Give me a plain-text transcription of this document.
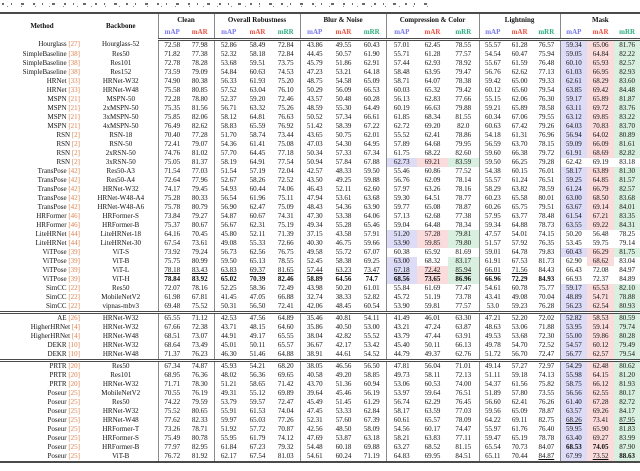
Method	Backbone	Clean		Overall Robustness			Blur & Noise			Compression & Color			Lightning			Mask		
		mAP	mAR	mAP	mAR	mRR	mAP	mAR	mRR	mAP	mAR	mRR	mAP	mAR	mRR	mAP	mAR	mRR
Hourglass [27]	Hourglass-52	72.58	77.98	52.86	58.49	72.84	43.86	49.55	60.43	57.01	62.45	78.55	55.57	61.28	76.57	59.34	65.06	81.76
SimpleBaseline [38]	Res50	71.82	77.38	52.32	58.18	72.84	44.45	50.57	61.90	55.71	61.28	77.57	54.54	60.47	75.94	59.05	64.84	82.22
SimpleBaseline [38]	Res101	72.78	78.28	53.68	59.51	73.75	45.79	51.86	62.91	57.44	62.93	78.92	55.67	61.59	76.48	60.10	65.93	82.57
SimpleBaseline [38]	Res152	73.59	79.09	54.84	60.63	74.53	47.23	53.21	64.18	58.48	63.95	79.47	56.76	62.62	77.13	61.03	66.95	82.93
HRNet [33]	HRNet-W32	74.90	80.38	56.33	61.93	75.20	48.75	54.58	65.09	58.71	64.07	78.38	59.42	65.00	79.33	62.61	68.29	83.60
HRNet [33]	HRNet-W48	75.58	80.85	57.52	63.04	76.10	50.29	56.09	66.53	60.03	65.32	79.42	60.12	65.60	79.54	63.85	69.42	84.48
MSPN [21]	MSPN-50	72.28	78.80	52.37	59.20	72.46	43.57	50.48	60.28	56.13	62.83	77.66	55.15	62.06	76.30	59.17	65.89	81.87
MSPN [21]	2xMSPN-50	75.35	81.56	56.71	63.32	75.26	48.59	55.30	64.49	60.19	66.63	79.88	59.21	65.89	78.58	63.11	69.72	83.76
MSPN [21]	3xMSPN-50	75.85	82.06	58.12	64.81	76.63	50.52	57.34	66.61	61.85	68.34	81.55	60.34	67.06	79.55	63.12	69.85	83.22
MSPN [21]	4xMSPN-50	76.49	82.62	58.83	65.59	76.92	51.42	58.39	67.22	62.72	69.20	82.0	60.63	67.42	79.26	64.03	70.83	83.70
RSN [2]	RSN-18	70.40	77.28	51.70	58.74	73.44	43.65	50.75	62.01	55.52	62.41	78.86	54.18	61.31	76.96	56.94	64.02	80.89
RSN [2]	RSN-50	72.41	79.07	54.36	61.41	75.08	47.03	54.30	64.95	57.89	64.68	79.95	56.59	63.70	78.15	59.09	66.09	81.61
RSN [2]	2xRSN-50	74.76	81.02	57.70	64.45	77.18	50.34	57.33	67.34	61.75	68.22	82.60	59.60	66.38	79.72	61.91	68.69	82.82
RSN [2]	3xRSN-50	75.05	81.37	58.19	64.91	77.54	50.94	57.84	67.88	62.73	69.21	83.59	59.50	66.25	79.28	62.42	69.19	83.18
TransPose [42]	Res50-A3	71.54	77.03	51.54	57.19	72.04	42.57	48.33	59.50	55.46	60.86	77.52	54.38	60.15	76.01	58.17	63.89	81.30
TransPose [42]	Res50-A4	72.64	77.96	52.67	58.26	72.52	43.50	49.25	59.88	56.76	62.09	78.14	55.57	61.24	76.51	59.25	64.85	81.57
TransPose [42]	HRNet-W32	74.17	79.45	54.93	60.44	74.06	46.43	52.11	62.60	57.97	63.26	78.16	58.29	63.82	78.59	61.24	66.79	82.57
TransPose [42]	HRNet-W48-A4	75.28	80.33	56.54	61.96	75.11	47.94	53.61	63.68	59.30	64.51	78.77	60.23	65.58	80.01	63.00	68.50	83.68
TransPose [42]	HRNet-W48-A6	75.78	80.79	56.90	62.47	75.09	48.43	54.36	63.90	59.77	65.08	78.87	60.26	65.75	79.51	63.67	69.14	84.01
HRFormer [46]	HRFormer-S	73.84	79.27	54.87	60.67	74.31	47.30	53.38	64.06	57.13	62.68	77.38	57.95	63.77	78.48	61.54	67.21	83.35
HRFormer [46]	HRFormer-B	75.37	80.67	56.67	62.31	75.19	49.34	55.28	65.46	59.04	64.48	78.34	59.34	64.88	78.73	63.55	69.22	84.31
LiteHRNet [44]	LiteHRNet-18	64.16	70.45	45.80	52.11	71.39	37.15	43.58	57.91	51.20	57.28	79.81	47.57	54.01	74.15	50.20	56.48	78.25
LiteHRNet [44]	LiteHRNet-30	67.54	73.61	49.08	55.33	72.66	40.30	46.75	59.66	53.90	59.85	79.80	51.57	57.92	76.35	53.45	59.75	79.14
ViTPose [39]	ViT-S	73.92	79.24	56.73	62.56	76.75	49.58	55.72	67.07	60.38	65.92	81.69	59.01	64.78	79.83	60.43	66.29	81.75
ViTPose [39]	ViT-B	75.75	80.99	59.50	65.13	78.55	52.45	58.38	69.25	63.00	68.32	83.17	61.91	67.53	81.73	62.90	68.62	83.04
ViTPose [39]	ViT-L	78.18	83.43	63.83	69.37	81.65	57.44	63.23	73.47	67.18	72.42	85.94	66.01	71.56	84.43	66.43	72.08	84.97
ViTPose [39]	ViT-H	78.84	83.92	65.02	70.39	82.46	58.89	64.56	74.7	68.56	73.65	86.96	66.96	72.29	84.93	66.93	72.37	84.89
SimCC [22]	Res50	72.07	78.16	52.25	58.36	72.49	43.98	50.20	61.01	55.84	61.69	77.47	54.61	60.78	75.77	59.17	65.53	82.10
SimCC [22]	MobileNetV2	61.98	67.81	41.45	47.05	66.88	32.74	38.33	52.82	45.72	51.19	73.78	43.41	49.08	70.04	48.89	54.71	78.88
SimCC [22]	vipnas-mbv3	69.48	75.52	50.31	56.50	72.41	42.06	48.45	60.54	53.90	59.81	77.57	53.0	59.23	76.28	56.23	62.54	80.93
AE [26]	HRNet-W32	65.55	71.12	42.53	47.56	64.89	35.46	40.81	54.11	41.49	46.01	63.30	47.21	52.20	72.02	52.82	58.53	80.59
HigherHRNet [4]	HRNet-W32	67.66	72.38	43.71	48.15	64.60	35.86	40.50	53.00	43.21	47.24	63.87	48.63	53.06	71.88	53.95	59.14	79.74
HigherHRNet [4]	HRNet-W48	68.51	73.07	44.91	49.17	65.55	38.04	42.82	55.52	43.79	47.44	63.91	49.53	53.68	72.30	55.00	59.86	80.28
DEKR [10]	HRNet-W32	68.64	73.49	45.01	50.11	65.57	36.67	42.17	53.42	45.40	50.11	66.13	49.78	54.70	72.52	54.57	60.12	79.49
DEKR [10]	HRNet-W48	71.37	76.23	46.30	51.46	64.88	38.91	44.61	54.52	44.79	49.37	62.76	51.72	56.70	72.47	56.77	62.57	79.54
PRTR [20]	Res50	67.34	74.87	45.93	54.21	68.20	38.05	46.56	56.50	47.81	56.04	71.01	49.14	57.27	72.97	54.29	62.48	80.62
PRTR [20]	Res101	68.95	76.36	48.02	56.36	69.65	40.58	49.20	58.85	49.73	58.11	72.13	51.11	59.18	74.13	55.98	64.15	81.20
PRTR [20]	HRNet-W32	71.71	78.30	51.21	58.65	71.42	43.70	51.36	60.94	53.06	60.53	74.00	54.37	61.56	75.82	58.75	66.12	81.93
Poseur [25]	MobileNetV2	70.55	76.19	49.31	55.12	69.89	39.64	45.46	56.19	53.97	59.64	76.51	51.89	57.80	73.55	56.56	62.55	80.17
Poseur [25]	Res50	74.22	79.59	53.79	59.57	72.47	45.49	51.45	61.29	56.74	62.29	76.45	56.60	62.41	76.26	61.40	67.28	82.72
Poseur [25]	HRNet-W32	75.52	80.65	55.91	61.53	74.04	47.45	53.33	62.84	58.17	63.59	77.03	59.56	65.09	78.87	63.57	69.26	84.17
Poseur [25]	HRNet-W48	77.62	82.33	59.97	65.03	77.26	52.31	57.60	67.39	60.61	65.57	78.09	64.22	69.11	82.75	68.26	73.41	87.95
Poseur [25]	HRFormer-T	73.26	78.71	51.92	57.72	70.87	42.56	48.50	58.09	54.56	60.17	74.47	55.97	61.76	76.40	59.95	65.90	81.83
Poseur [25]	HRFormer-S	75.49	80.78	55.95	61.79	74.12	47.69	53.87	63.18	58.21	63.83	77.11	59.47	65.19	78.78	63.40	69.27	83.99
Poseur [25]	HRFormer-B	77.97	82.95	61.84	67.23	79.32	54.48	60.18	69.88	63.27	68.52	81.15	65.54	70.73	84.07	68.53	74.05	87.90
Poseur [25]	ViT-B	76.72	81.92	62.17	67.54	81.03	54.61	60.24	71.19	64.83	69.95	84.51	65.11	70.44	84.87	67.99	73.52	88.63
